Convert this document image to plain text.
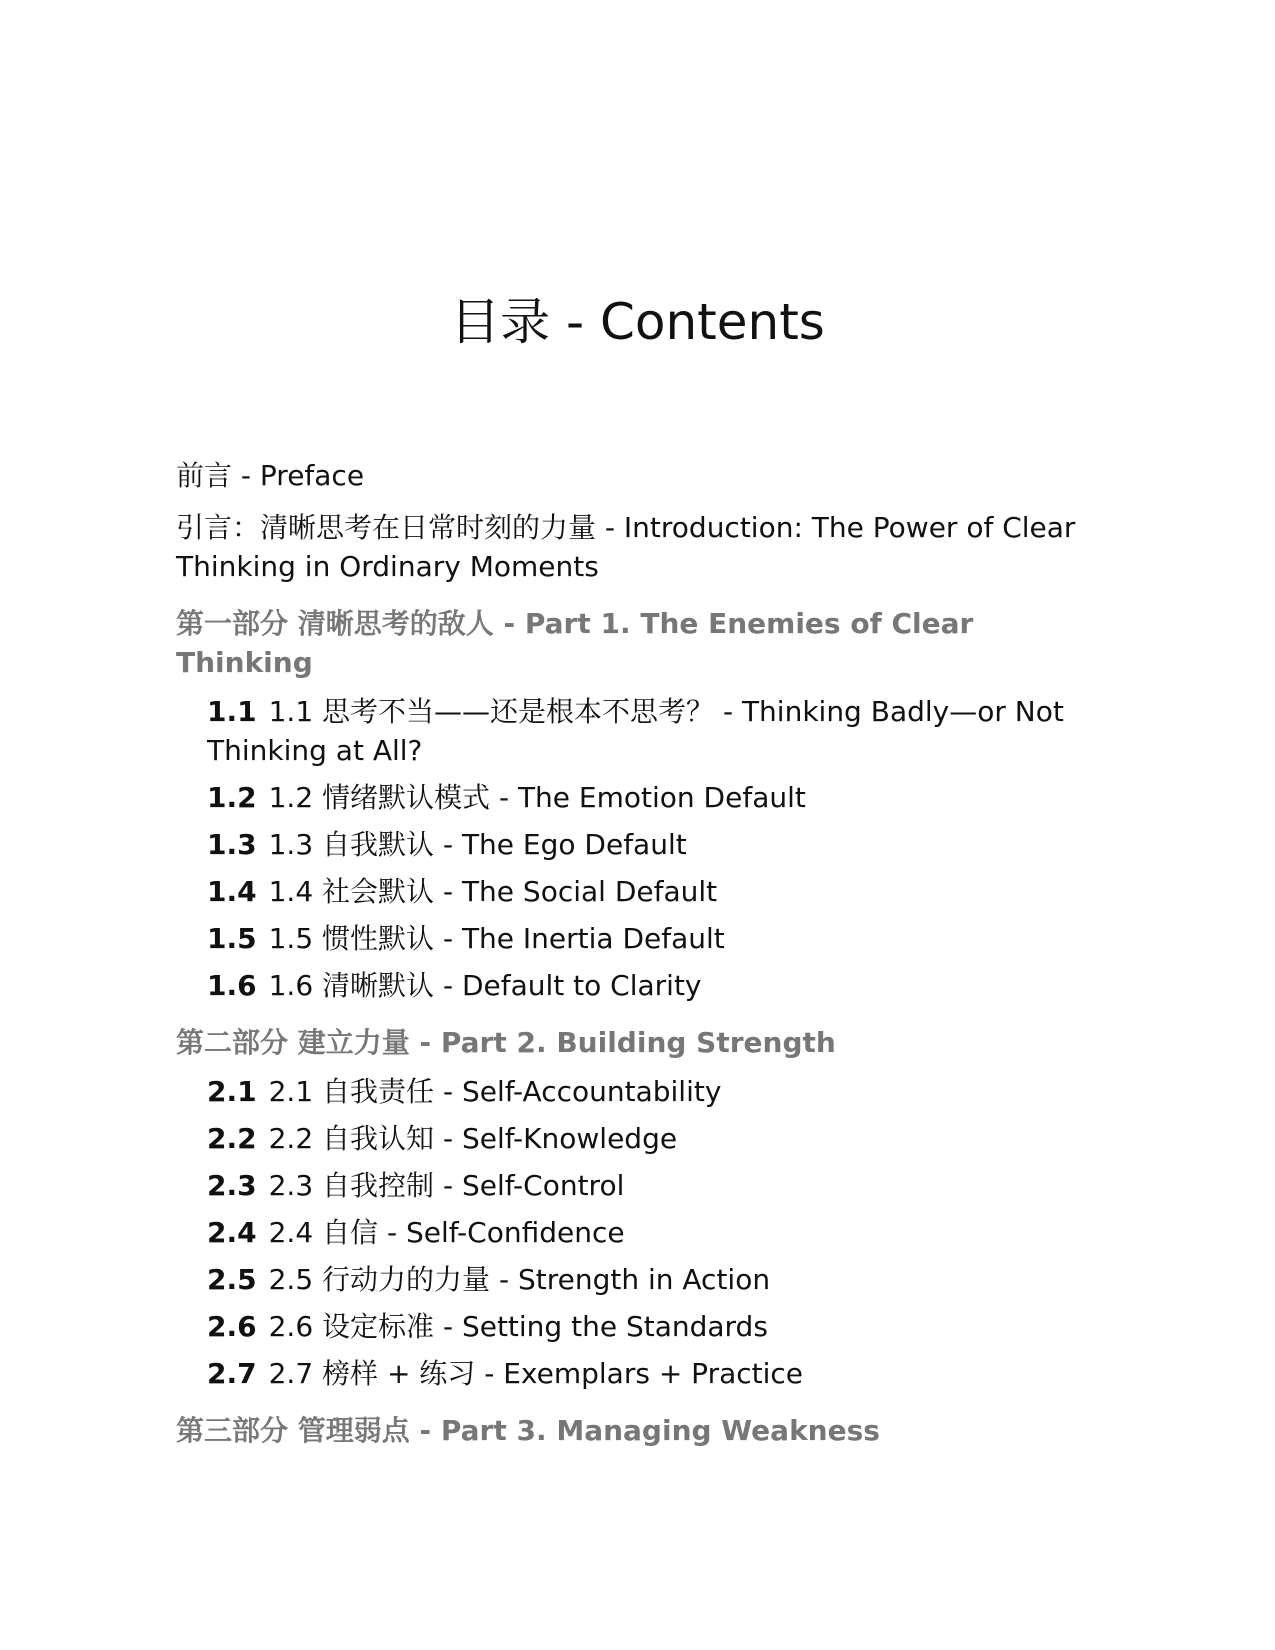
目录 - Contents
前言 - Preface
引言：清晰思考在日常时刻的力量 - Introduction: The Power of Clear Thinking in Ordinary Moments
第一部分 清晰思考的敌人 - Part 1. The Enemies of Clear Thinking
1.1 1.1 思考不当——还是根本不思考？ - Thinking Badly—or Not Thinking at All?
1.2 1.2 情绪默认模式 - The Emotion Default
1.3 1.3 自我默认 - The Ego Default
1.4 1.4 社会默认 - The Social Default
1.5 1.5 惯性默认 - The Inertia Default
1.6 1.6 清晰默认 - Default to Clarity
第二部分 建立力量 - Part 2. Building Strength
2.1 2.1 自我责任 - Self-Accountability
2.2 2.2 自我认知 - Self-Knowledge
2.3 2.3 自我控制 - Self-Control
2.4 2.4 自信 - Self-Confidence
2.5 2.5 行动力的力量 - Strength in Action
2.6 2.6 设定标准 - Setting the Standards
2.7 2.7 榜样 + 练习 - Exemplars + Practice
第三部分 管理弱点 - Part 3. Managing Weakness
